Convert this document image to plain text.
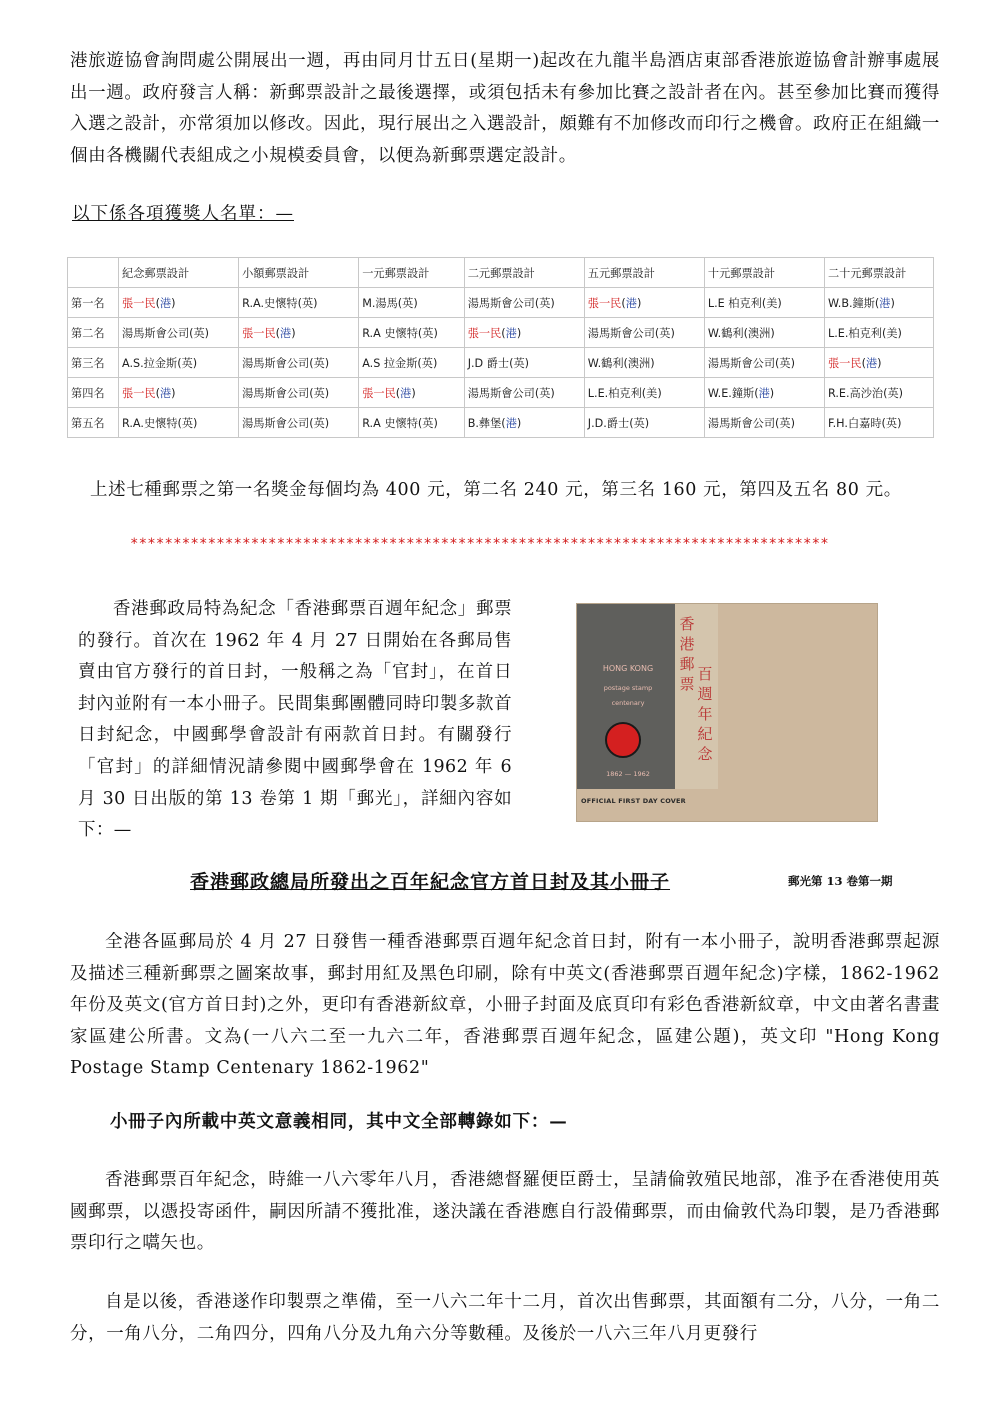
港旅遊協會詢問處公開展出一週，再由同月廿五日(星期一)起改在九龍半島酒店東部香港旅遊協會計辦事處展出一週。政府發言人稱：新郵票設計之最後選擇，或須包括未有參加比賽之設計者在內。甚至參加比賽而獲得入選之設計，亦常須加以修改。因此，現行展出之入選設計，頗難有不加修改而印行之機會。政府正在組織一個由各機關代表組成之小規模委員會，以便為新郵票選定設計。

以下係各項獲獎人名單：—

	紀念郵票設計	小額郵票設計	一元郵票設計	二元郵票設計	五元郵票設計	十元郵票設計	二十元郵票設計
第一名	張一民(港)	R.A.史懷特(英)	M.湯馬(英)	湯馬斯會公司(英)	張一民(港)	L.E 柏克利(美)	W.B.鐘斯(港)
第二名	湯馬斯會公司(英)	張一民(港)	R.A 史懷特(英)	張一民(港)	湯馬斯會公司(英)	W.鶴利(澳洲)	L.E.柏克利(美)
第三名	A.S.拉金斯(英)	湯馬斯會公司(英)	A.S 拉金斯(英)	J.D 爵士(英)	W.鶴利(澳洲)	湯馬斯會公司(英)	張一民(港)
第四名	張一民(港)	湯馬斯會公司(英)	張一民(港)	湯馬斯會公司(英)	L.E.柏克利(美)	W.E.鐘斯(港)	R.E.高沙治(英)
第五名	R.A.史懷特(英)	湯馬斯會公司(英)	R.A 史懷特(英)	B.彝堡(港)	J.D.爵士(英)	湯馬斯會公司(英)	F.H.白嘉時(英)

上述七種郵票之第一名獎金每個均為 400 元，第二名 240 元，第三名 160 元，第四及五名 80 元。

*********************************************************************************

香港郵政局特為紀念「香港郵票百週年紀念」郵票的發行。首次在 1962 年 4 月 27 日開始在各郵局售賣由官方發行的首日封，一般稱之為「官封」，在首日封內並附有一本小冊子。民間集郵團體同時印製多款首日封紀念，中國郵學會設計有兩款首日封。有關發行「官封」的詳細情況請參閱中國郵學會在 1962 年 6 月 30 日出版的第 13 卷第 1 期「郵光」，詳細內容如下：—

HONG KONG
postage stamp
centenary
1862 — 1962
香
港
郵
票
百
週
年
紀
念
OFFICIAL FIRST DAY COVER

香港郵政總局所發出之百年紀念官方首日封及其小冊子	郵光第 13 卷第一期

全港各區郵局於 4 月 27 日發售一種香港郵票百週年紀念首日封，附有一本小冊子，說明香港郵票起源及描述三種新郵票之圖案故事，郵封用紅及黑色印刷，除有中英文(香港郵票百週年紀念)字樣，1862-1962 年份及英文(官方首日封)之外，更印有香港新紋章，小冊子封面及底頁印有彩色香港新紋章，中文由著名書畫家區建公所書。文為(一八六二至一九六二年，香港郵票百週年紀念，區建公題)，英文印 "Hong Kong Postage Stamp Centenary 1862-1962"

小冊子內所載中英文意義相同，其中文全部轉錄如下：—

香港郵票百年紀念，時維一八六零年八月，香港總督羅便臣爵士，呈請倫敦殖民地部，准予在香港使用英國郵票，以憑投寄函件，嗣因所請不獲批准，遂決議在香港應自行設備郵票，而由倫敦代為印製，是乃香港郵票印行之嚆矢也。

自是以後，香港遂作印製票之準備，至一八六二年十二月，首次出售郵票，其面額有二分，八分，一角二分，一角八分，二角四分，四角八分及九角六分等數種。及後於一八六三年八月更發行
